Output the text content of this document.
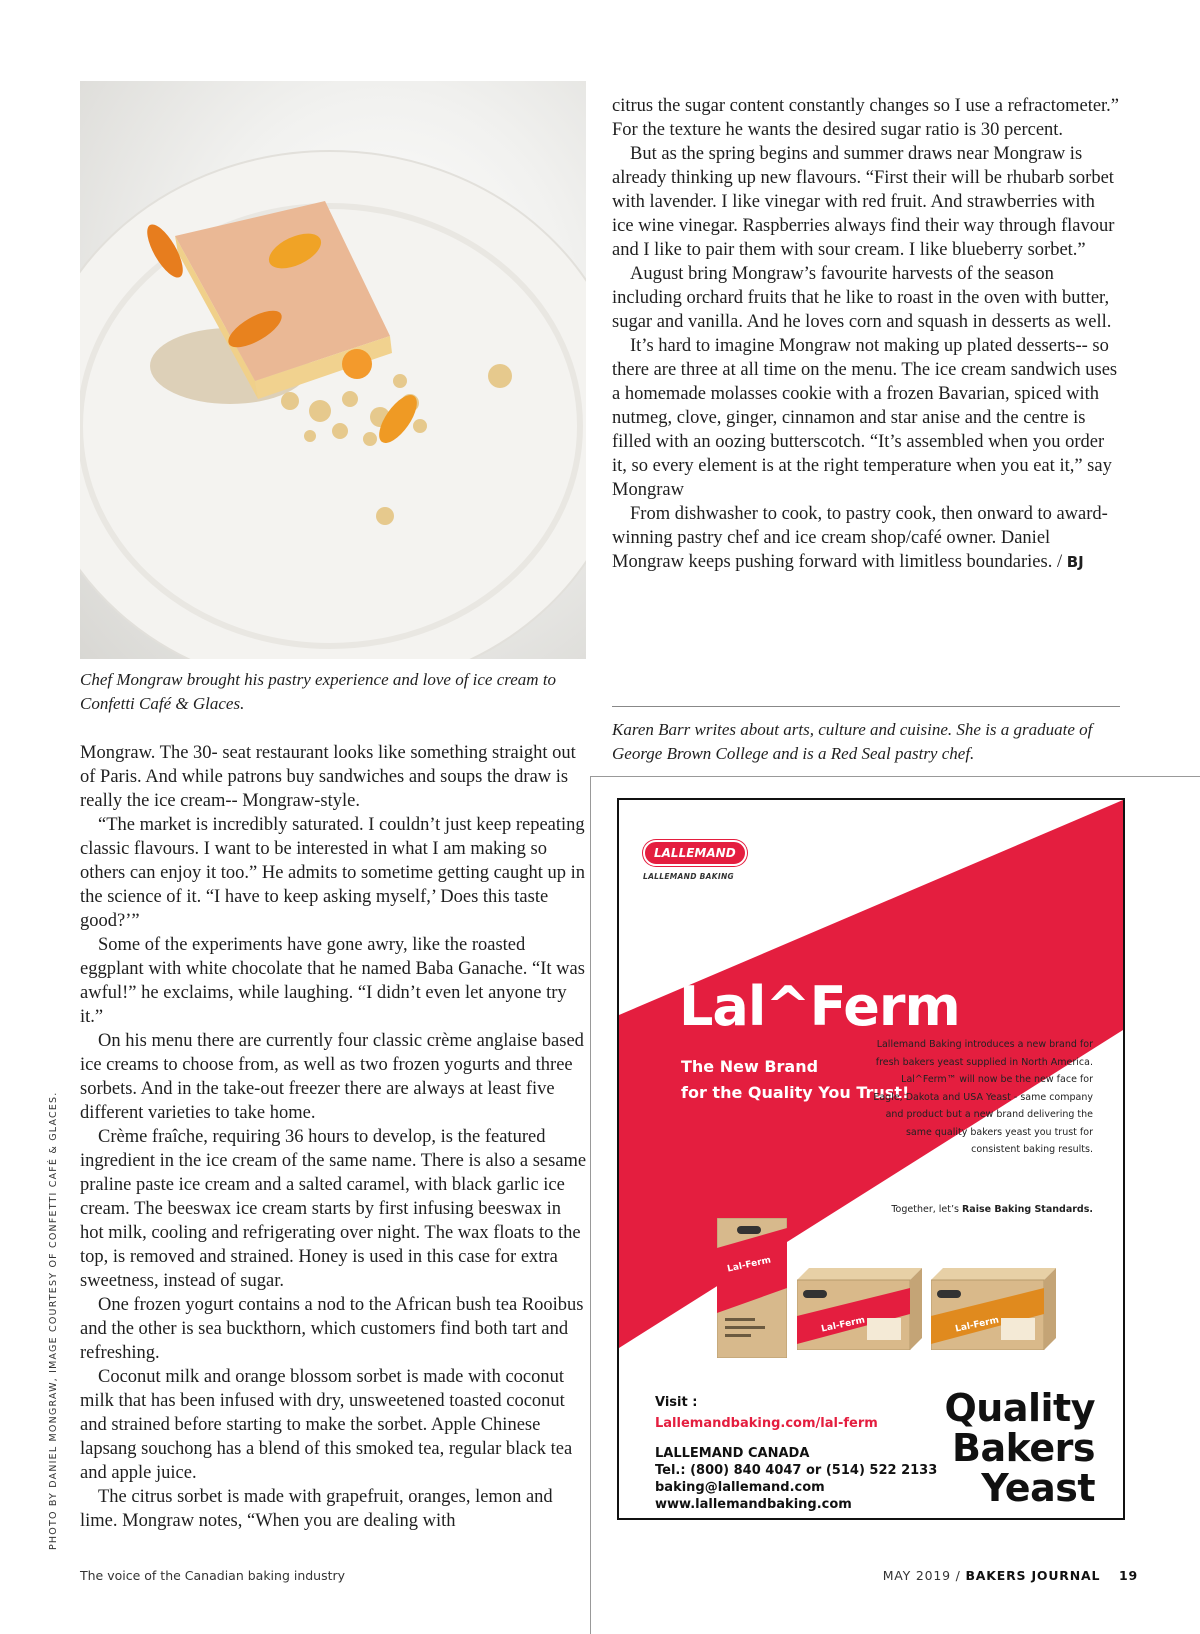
PHOTO BY DANIEL MONGRAW, IMAGE COURTESY OF CONFETTI CAFÉ & GLACES.
Chef Mongraw brought his pastry experience and love of ice cream to Confetti Café & Glaces.

Mongraw. The 30- seat restaurant looks like something straight out of Paris. And while patrons buy sandwiches and soups the draw is really the ice cream-- Mongraw-style.

“The market is incredibly saturated. I couldn’t just keep repeating classic flavours. I want to be interested in what I am making so others can enjoy it too.” He admits to sometime getting caught up in the science of it. “I have to keep asking myself,’ Does this taste good?’”

Some of the experiments have gone awry, like the roasted eggplant with white chocolate that he named Baba Ganache. “It was awful!” he exclaims, while laughing. “I didn’t even let anyone try it.”

On his menu there are currently four classic crème anglaise based ice creams to choose from, as well as two frozen yogurts and three sorbets. And in the take-out freezer there are always at least five different varieties to take home.

Crème fraîche, requiring 36 hours to develop, is the featured ingredient in the ice cream of the same name. There is also a sesame praline paste ice cream and a salted caramel, with black garlic ice cream. The beeswax ice cream starts by first infusing beeswax in hot milk, cooling and refrigerating over night. The wax floats to the top, is removed and strained. Honey is used in this case for extra sweetness, instead of sugar.

One frozen yogurt contains a nod to the African bush tea Rooibus and the other is sea buckthorn, which customers find both tart and refreshing.

Coconut milk and orange blossom sorbet is made with coconut milk that has been infused with dry, unsweetened toasted coconut and strained before starting to make the sorbet. Apple Chinese lapsang souchong has a blend of this smoked tea, regular black tea and apple juice.

The citrus sorbet is made with grapefruit, oranges, lemon and lime. Mongraw notes, “When you are dealing with

citrus the sugar content constantly changes so I use a refractometer.” For the texture he wants the desired sugar ratio is 30 percent.

But as the spring begins and summer draws near Mongraw is already thinking up new flavours. “First their will be rhubarb sorbet with lavender. I like vinegar with red fruit. And strawberries with ice wine vinegar. Raspberries always find their way through flavour and I like to pair them with sour cream. I like blueberry sorbet.”

August bring Mongraw’s favourite harvests of the season including orchard fruits that he like to roast in the oven with butter, sugar and vanilla. And he loves corn and squash in desserts as well.

It’s hard to imagine Mongraw not making up plated desserts-- so there are three at all time on the menu. The ice cream sandwich uses a homemade molasses cookie with a frozen Bavarian, spiced with nutmeg, clove, ginger, cinnamon and star anise and the centre is filled with an oozing butterscotch. “It’s assembled when you order it, so every element is at the right temperature when you eat it,” say Mongraw

From dishwasher to cook, to pastry cook, then onward to award-winning pastry chef and ice cream shop/café owner. Daniel Mongraw keeps pushing forward with limitless boundaries. / BJ

Karen Barr writes about arts, culture and cuisine. She is a graduate of George Brown College and is a Red Seal pastry chef.
LALLEMAND
LALLEMAND BAKING
Lal^Ferm
The New Brand
for the Quality You Trust!
Lallemand Baking introduces a new brand for fresh bakers yeast supplied in North America. Lal^Ferm™ will now be the new face for Eagle, Dakota and USA Yeast - same company and product but a new brand delivering the same quality bakers yeast you trust for consistent baking results.
Together, let’s Raise Baking Standards.
Lal-Ferm
Lal-Ferm	Lal-Ferm
Visit :
Lallemandbaking.com/lal-ferm
LALLEMAND CANADA
Tel.: (800) 840 4047 or (514) 522 2133
baking@lallemand.com
www.lallemandbaking.com
Quality
Bakers
Yeast
The voice of the Canadian baking industry	MAY 2019 / BAKERS JOURNAL 19
